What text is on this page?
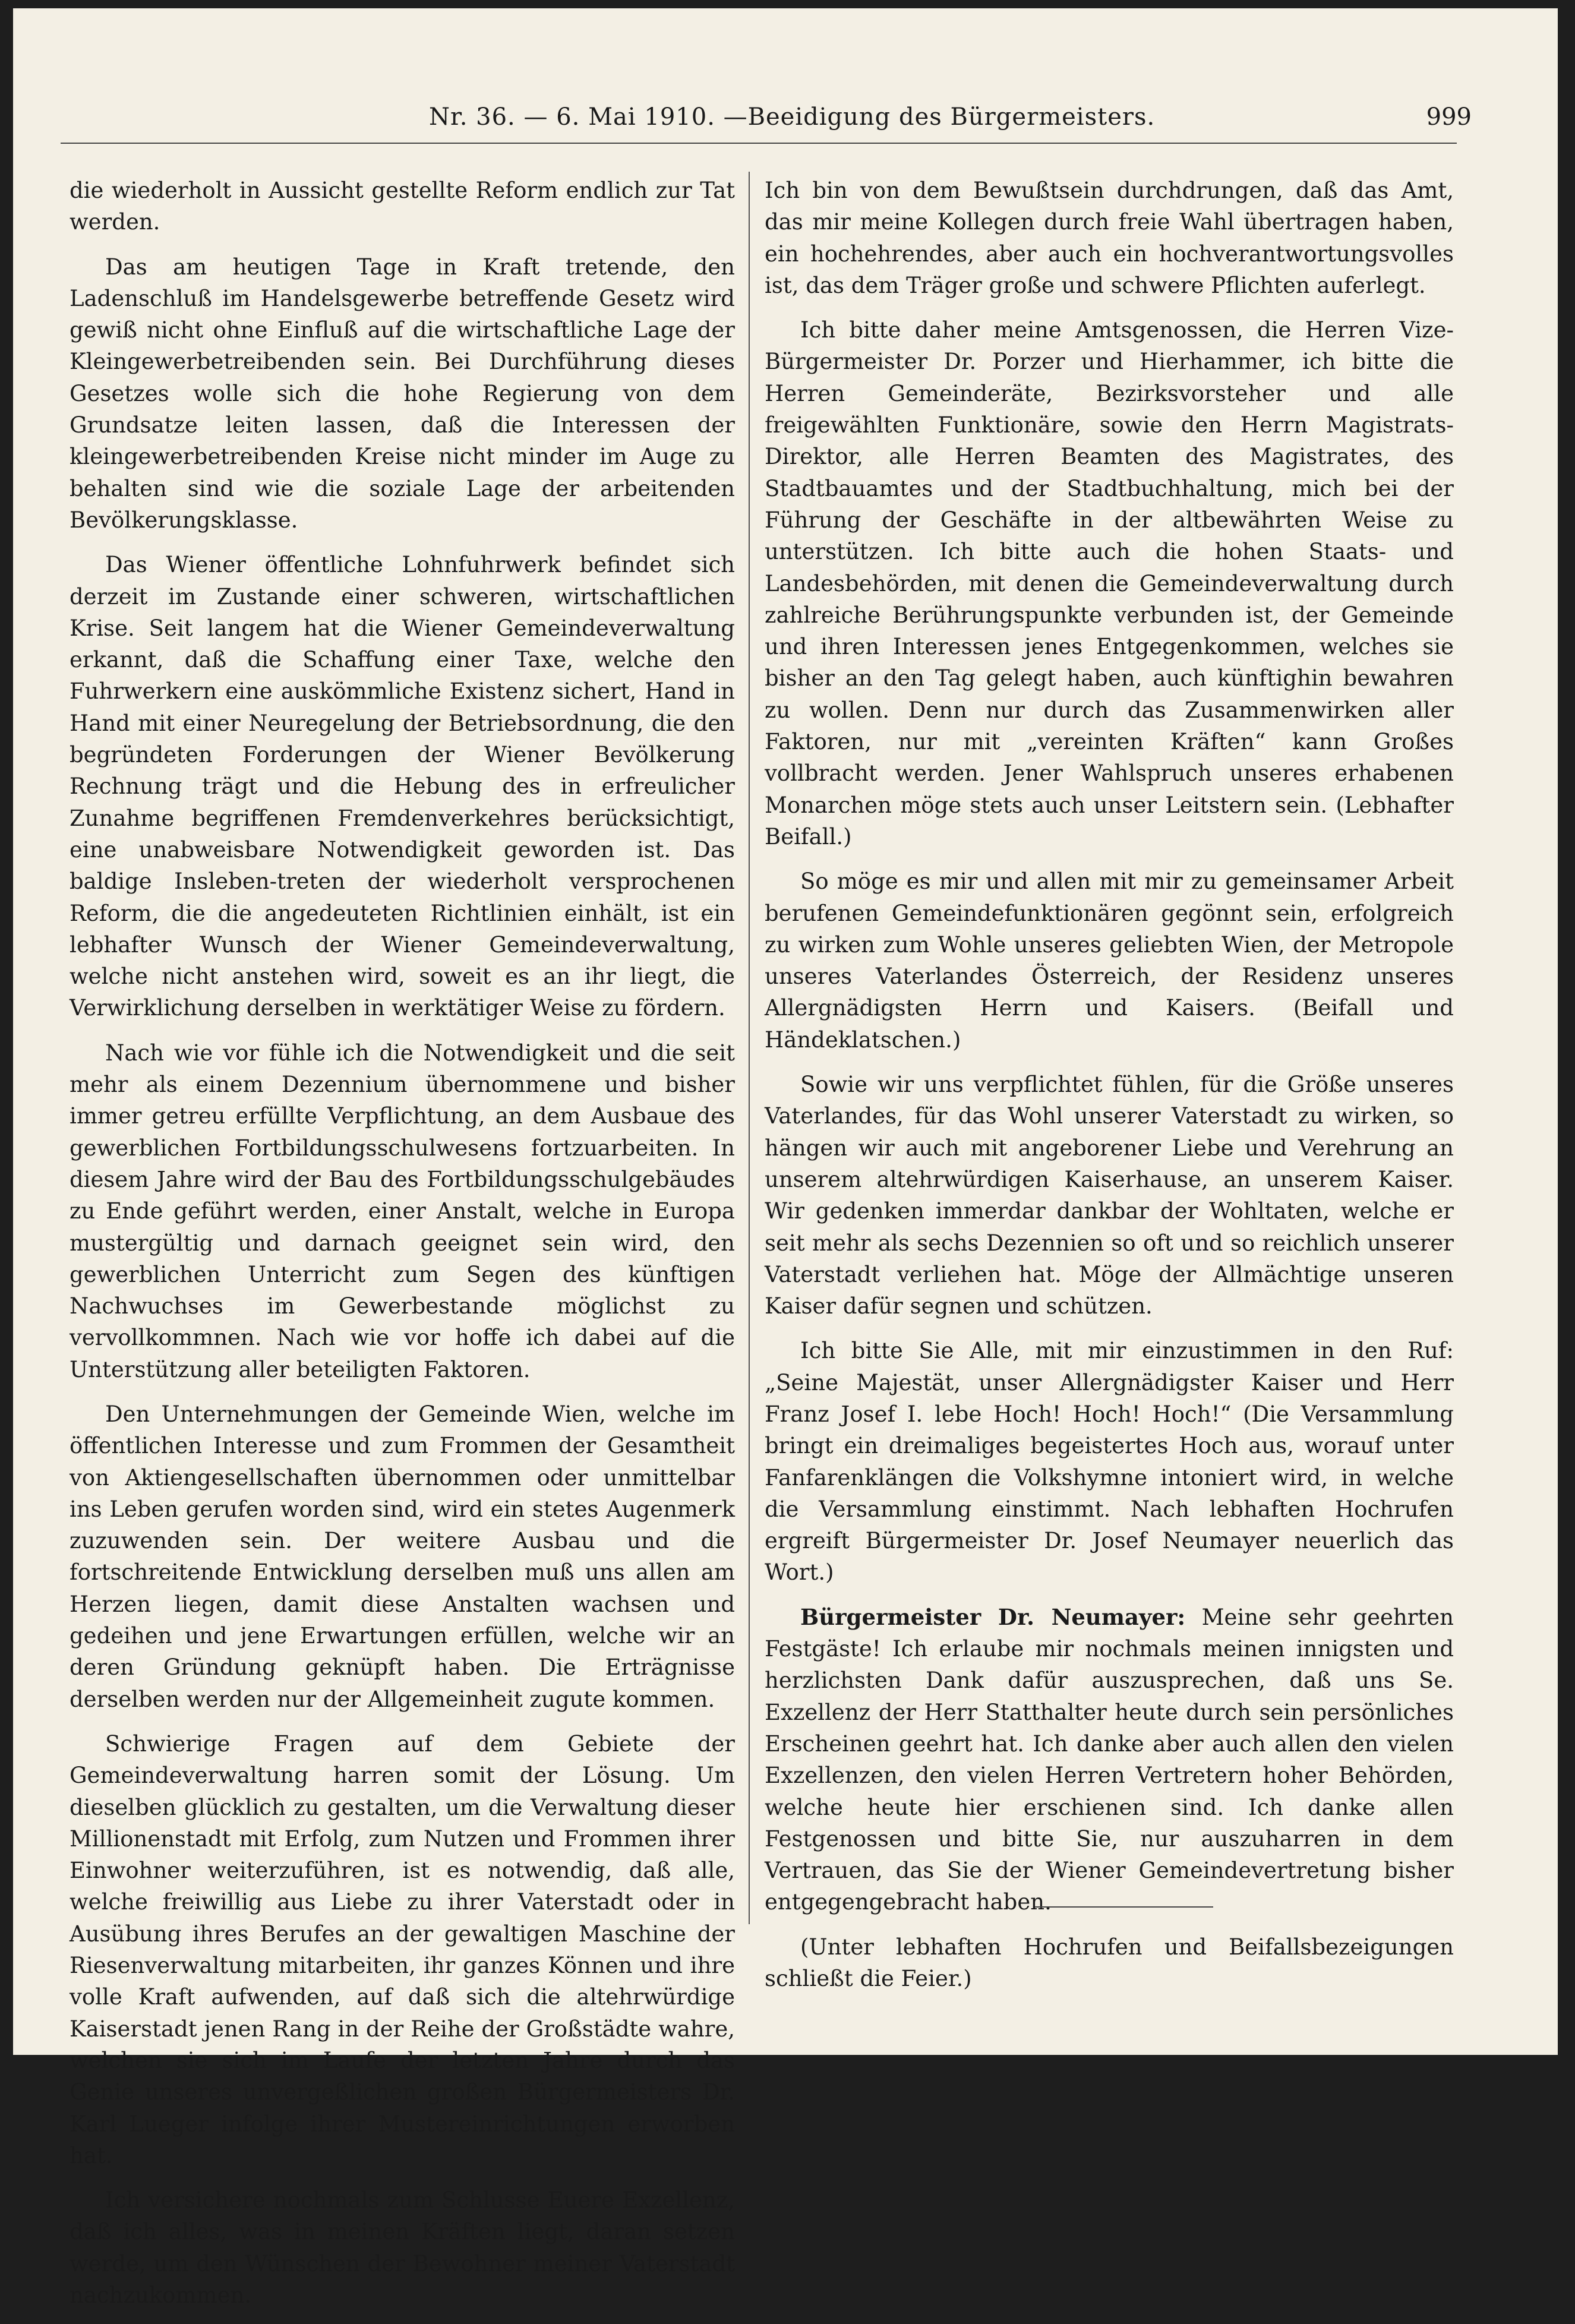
Nr. 36. — 6. Mai 1910. —Beeidigung des Bürgermeisters.	999

die wiederholt in Aussicht gestellte Reform endlich zur Tat werden.

Das am heutigen Tage in Kraft tretende, den Ladenschluß im Handelsgewerbe betreffende Gesetz wird gewiß nicht ohne Einfluß auf die wirtschaftliche Lage der Kleingewerbetreibenden sein. Bei Durchführung dieses Gesetzes wolle sich die hohe Regierung von dem Grundsatze leiten lassen, daß die Interessen der kleingewerbetreibenden Kreise nicht minder im Auge zu behalten sind wie die soziale Lage der arbeitenden Bevölkerungsklasse.

Das Wiener öffentliche Lohnfuhrwerk befindet sich derzeit im Zustande einer schweren, wirtschaftlichen Krise. Seit langem hat die Wiener Gemeindeverwaltung erkannt, daß die Schaffung einer Taxe, welche den Fuhrwerkern eine auskömmliche Existenz sichert, Hand in Hand mit einer Neuregelung der Betriebsordnung, die den begründeten Forderungen der Wiener Bevölkerung Rechnung trägt und die Hebung des in erfreulicher Zunahme begriffenen Fremdenverkehres berücksichtigt, eine unabweisbare Notwendigkeit geworden ist. Das baldige Insleben-treten der wiederholt versprochenen Reform, die die angedeuteten Richtlinien einhält, ist ein lebhafter Wunsch der Wiener Gemeindeverwaltung, welche nicht anstehen wird, soweit es an ihr liegt, die Verwirklichung derselben in werktätiger Weise zu fördern.

Nach wie vor fühle ich die Notwendigkeit und die seit mehr als einem Dezennium übernommene und bisher immer getreu erfüllte Verpflichtung, an dem Ausbaue des gewerblichen Fortbildungsschulwesens fortzuarbeiten. In diesem Jahre wird der Bau des Fortbildungsschulgebäudes zu Ende geführt werden, einer Anstalt, welche in Europa mustergültig und darnach geeignet sein wird, den gewerblichen Unterricht zum Segen des künftigen Nachwuchses im Gewerbestande möglichst zu vervollkommnen. Nach wie vor hoffe ich dabei auf die Unterstützung aller beteiligten Faktoren.

Den Unternehmungen der Gemeinde Wien, welche im öffentlichen Interesse und zum Frommen der Gesamtheit von Aktiengesellschaften übernommen oder unmittelbar ins Leben gerufen worden sind, wird ein stetes Augenmerk zuzuwenden sein. Der weitere Ausbau und die fortschreitende Entwicklung derselben muß uns allen am Herzen liegen, damit diese Anstalten wachsen und gedeihen und jene Erwartungen erfüllen, welche wir an deren Gründung geknüpft haben. Die Erträgnisse derselben werden nur der Allgemeinheit zugute kommen.

Schwierige Fragen auf dem Gebiete der Gemeindeverwaltung harren somit der Lösung. Um dieselben glücklich zu gestalten, um die Verwaltung dieser Millionenstadt mit Erfolg, zum Nutzen und Frommen ihrer Einwohner weiterzuführen, ist es notwendig, daß alle, welche freiwillig aus Liebe zu ihrer Vaterstadt oder in Ausübung ihres Berufes an der gewaltigen Maschine der Riesenverwaltung mitarbeiten, ihr ganzes Können und ihre volle Kraft aufwenden, auf daß sich die altehrwürdige Kaiserstadt jenen Rang in der Reihe der Großstädte wahre, welchen sie sich im Laufe der letzten Jahre durch das Genie unseres unvergeßlichen großen Bürgermeisters Dr. Karl Lueger infolge ihrer Mustereinrichtungen erworben hat.

Ich versichere nochmals zum Schlusse Euere Exzellenz, daß ich alles, was in meinen Kräften liegt, daran setzen werde, um den Wünschen der Bewohner meiner Vaterstadt nachzukommen.

Ich bin von dem Bewußtsein durchdrungen, daß das Amt, das mir meine Kollegen durch freie Wahl übertragen haben, ein hochehrendes, aber auch ein hochverantwortungsvolles ist, das dem Träger große und schwere Pflichten auferlegt.

Ich bitte daher meine Amtsgenossen, die Herren Vize-Bürgermeister Dr. Porzer und Hierhammer, ich bitte die Herren Gemeinderäte, Bezirksvorsteher und alle freigewählten Funktionäre, sowie den Herrn Magistrats-Direktor, alle Herren Beamten des Magistrates, des Stadtbauamtes und der Stadtbuchhaltung, mich bei der Führung der Geschäfte in der altbewährten Weise zu unterstützen. Ich bitte auch die hohen Staats- und Landesbehörden, mit denen die Gemeindeverwaltung durch zahlreiche Berührungspunkte verbunden ist, der Gemeinde und ihren Interessen jenes Entgegenkommen, welches sie bisher an den Tag gelegt haben, auch künftighin bewahren zu wollen. Denn nur durch das Zusammenwirken aller Faktoren, nur mit „vereinten Kräften“ kann Großes vollbracht werden. Jener Wahlspruch unseres erhabenen Monarchen möge stets auch unser Leitstern sein. (Lebhafter Beifall.)

So möge es mir und allen mit mir zu gemeinsamer Arbeit berufenen Gemeindefunktionären gegönnt sein, erfolgreich zu wirken zum Wohle unseres geliebten Wien, der Metropole unseres Vaterlandes Österreich, der Residenz unseres Allergnädigsten Herrn und Kaisers. (Beifall und Händeklatschen.)

Sowie wir uns verpflichtet fühlen, für die Größe unseres Vaterlandes, für das Wohl unserer Vaterstadt zu wirken, so hängen wir auch mit angeborener Liebe und Verehrung an unserem altehrwürdigen Kaiserhause, an unserem Kaiser. Wir gedenken immerdar dankbar der Wohltaten, welche er seit mehr als sechs Dezennien so oft und so reichlich unserer Vaterstadt verliehen hat. Möge der Allmächtige unseren Kaiser dafür segnen und schützen.

Ich bitte Sie Alle, mit mir einzustimmen in den Ruf: „Seine Majestät, unser Allergnädigster Kaiser und Herr Franz Josef I. lebe Hoch! Hoch! Hoch!“ (Die Versammlung bringt ein dreimaliges begeistertes Hoch aus, worauf unter Fanfarenklängen die Volkshymne intoniert wird, in welche die Versammlung einstimmt. Nach lebhaften Hochrufen ergreift Bürgermeister Dr. Josef Neumayer neuerlich das Wort.)

Bürgermeister Dr. Neumayer: Meine sehr geehrten Festgäste! Ich erlaube mir nochmals meinen innigsten und herzlichsten Dank dafür auszusprechen, daß uns Se. Exzellenz der Herr Statthalter heute durch sein persönliches Erscheinen geehrt hat. Ich danke aber auch allen den vielen Exzellenzen, den vielen Herren Vertretern hoher Behörden, welche heute hier erschienen sind. Ich danke allen Festgenossen und bitte Sie, nur auszuharren in dem Vertrauen, das Sie der Wiener Gemeindevertretung bisher entgegengebracht haben.

(Unter lebhaften Hochrufen und Beifallsbezeigungen schließt die Feier.)
